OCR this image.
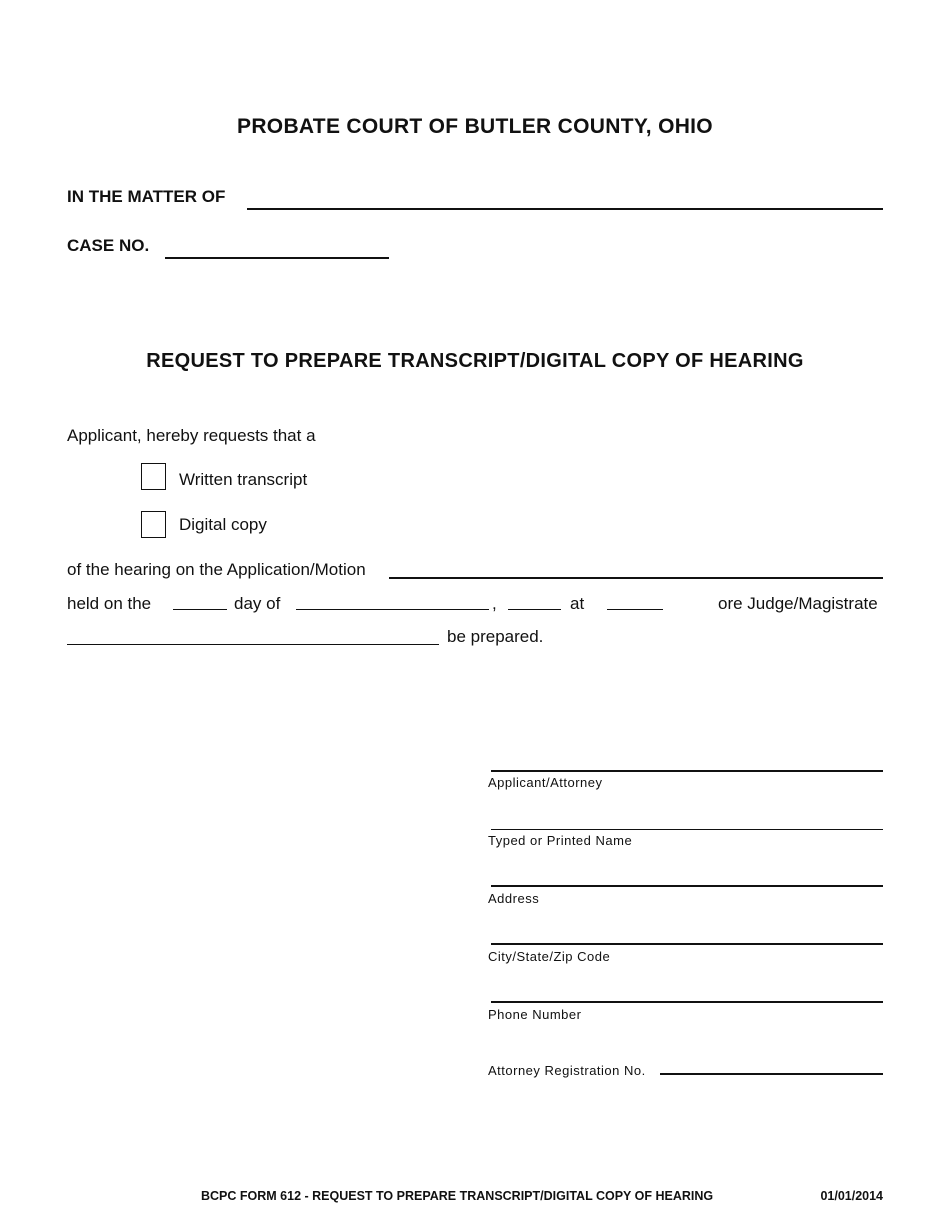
PROBATE COURT OF BUTLER COUNTY, OHIO
IN THE MATTER OF
CASE NO.
REQUEST TO PREPARE TRANSCRIPT/DIGITAL COPY OF HEARING
Applicant, hereby requests that a
Written transcript
Digital copy
of the hearing on the Application/Motion
held on the	day of	,	at	ore Judge/Magistrate
be prepared.
Applicant/Attorney
Typed or Printed Name
Address
City/State/Zip Code
Phone Number
Attorney Registration No.
BCPC FORM 612 - REQUEST TO PREPARE TRANSCRIPT/DIGITAL COPY OF HEARING	01/01/2014
